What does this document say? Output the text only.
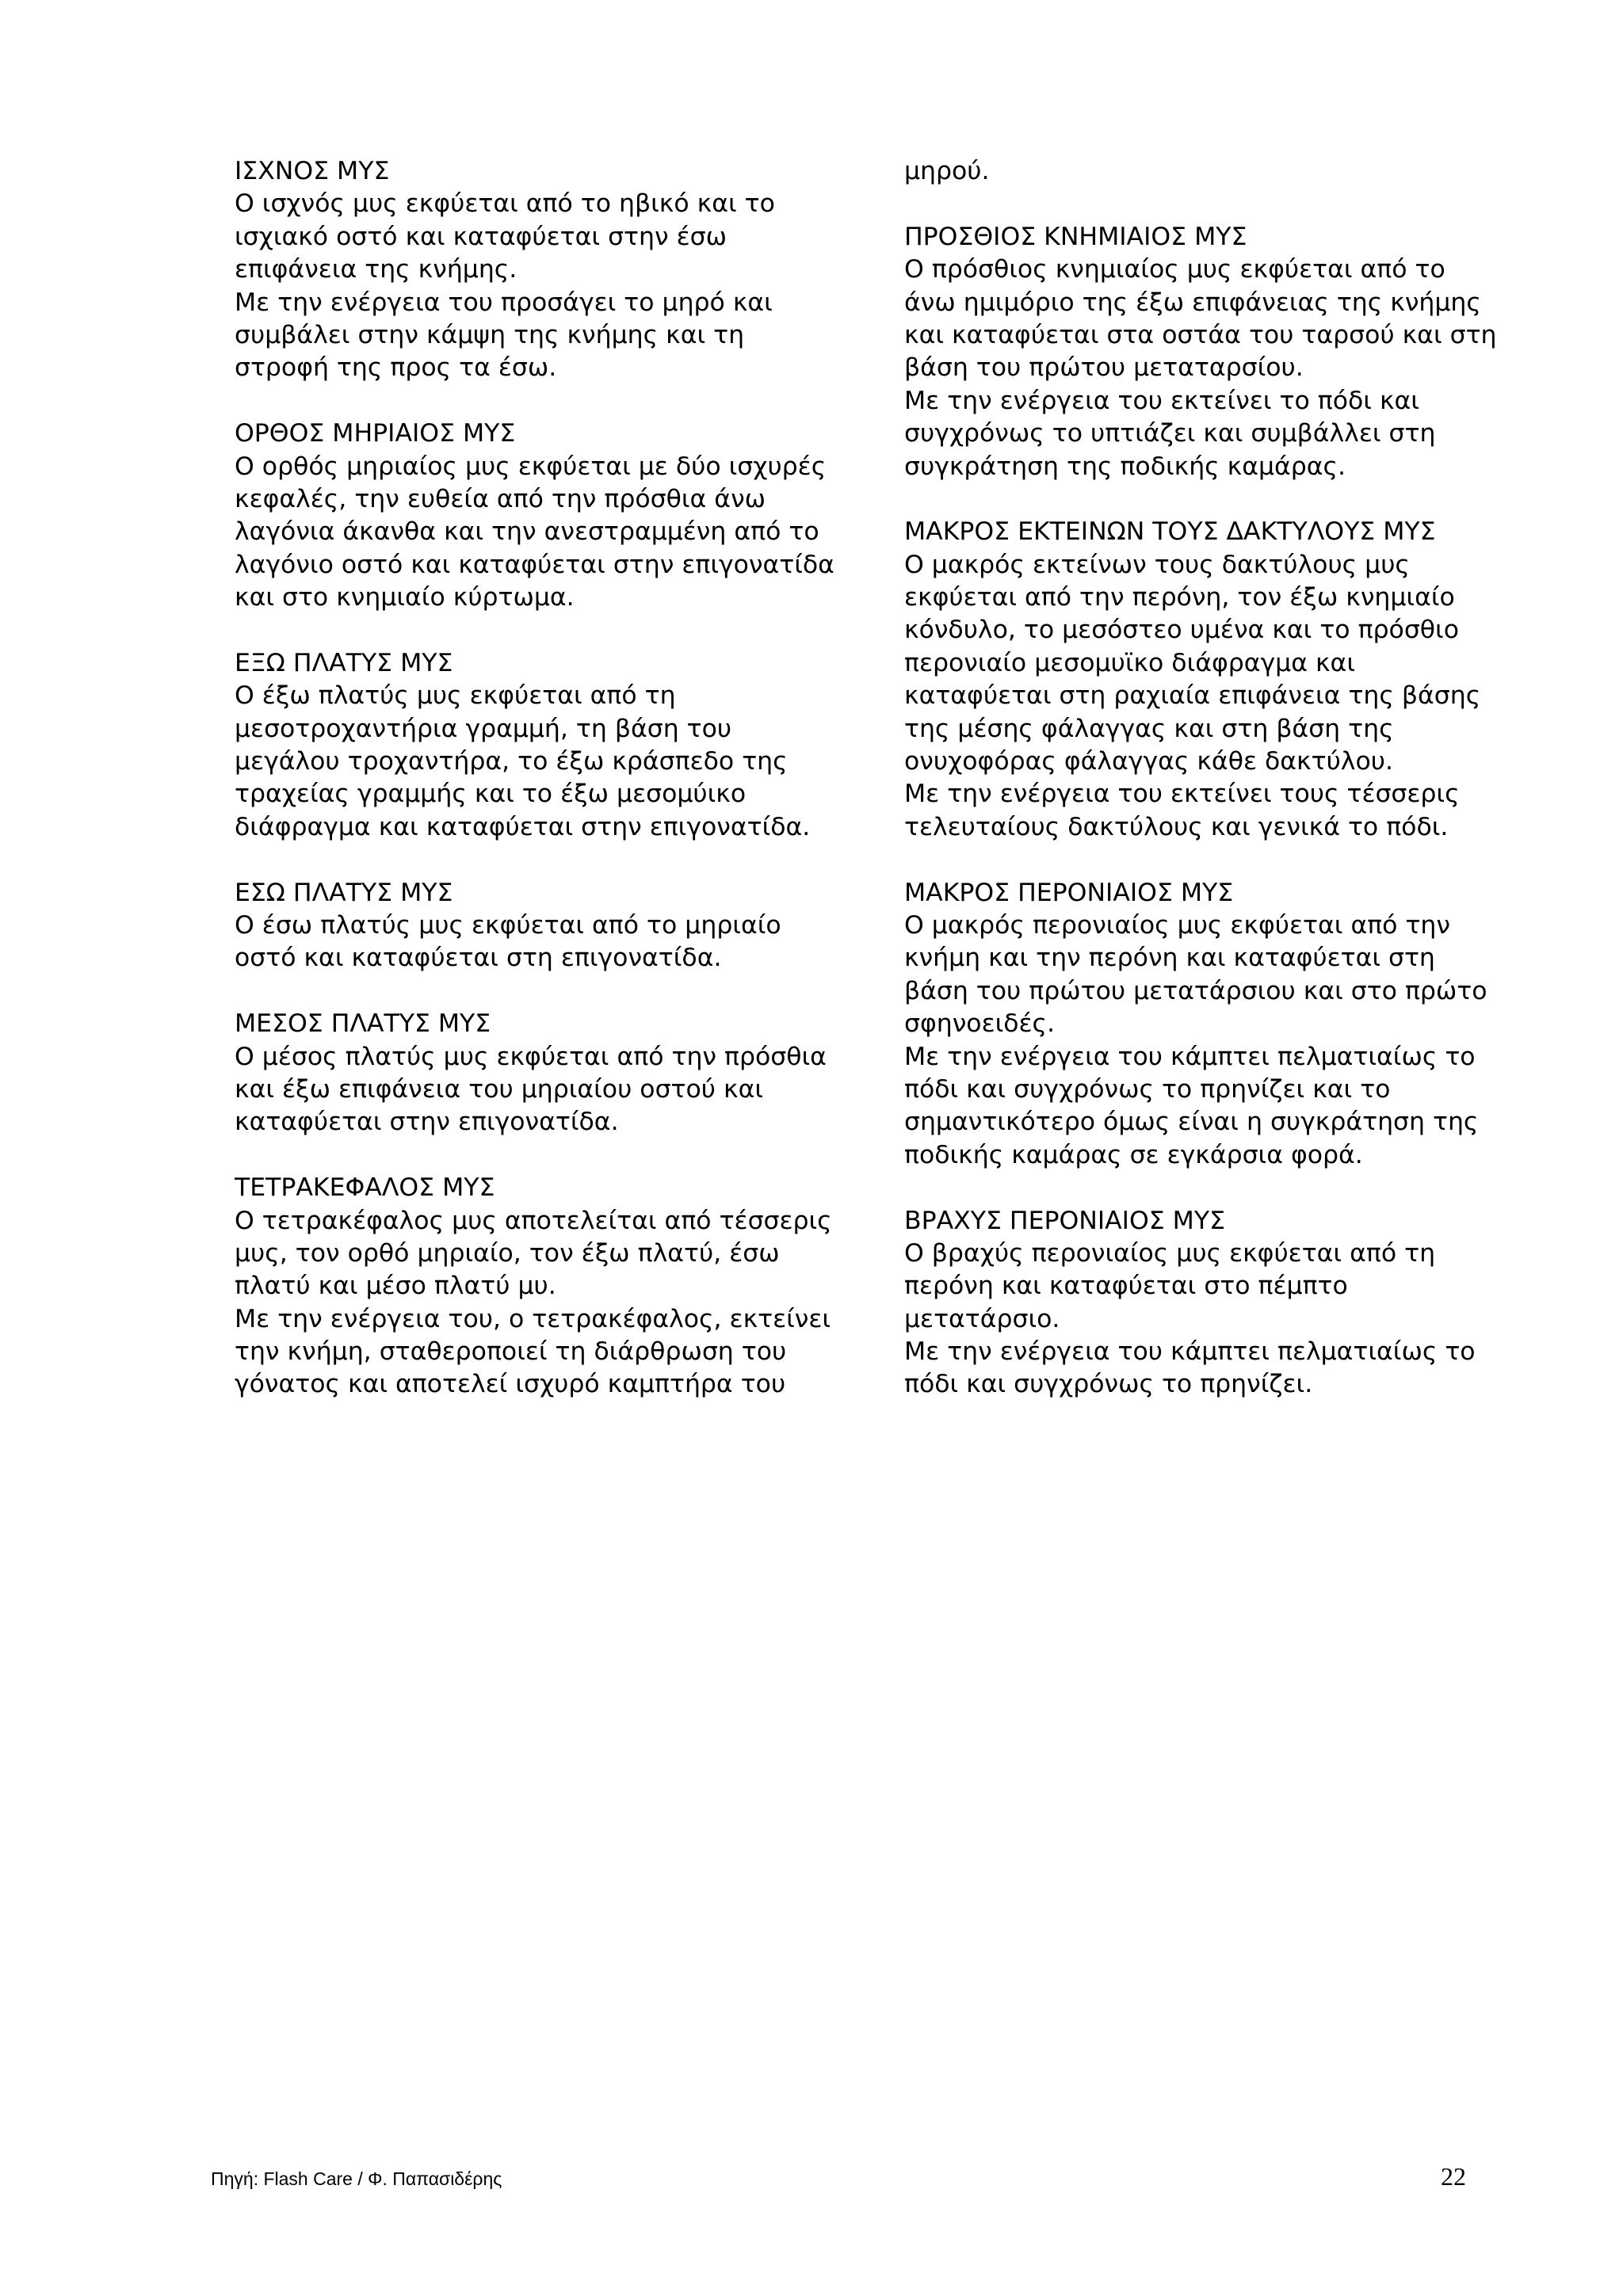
ΙΣΧΝΟΣ ΜΥΣ
Ο ισχνός μυς εκφύεται από το ηβικό και το
ισχιακό οστό και καταφύεται στην έσω
επιφάνεια της κνήμης.
Με την ενέργεια του προσάγει το μηρό και
συμβάλει στην κάμψη της κνήμης και τη
στροφή της προς τα έσω.
ΟΡΘΟΣ ΜΗΡΙΑΙΟΣ ΜΥΣ
Ο ορθός μηριαίος μυς εκφύεται με δύο ισχυρές
κεφαλές, την ευθεία από την πρόσθια άνω
λαγόνια άκανθα και την ανεστραμμένη από το
λαγόνιο οστό και καταφύεται στην επιγονατίδα
και στο κνημιαίο κύρτωμα.
ΕΞΩ ΠΛΑΤΥΣ ΜΥΣ
Ο έξω πλατύς μυς εκφύεται από τη
μεσοτροχαντήρια γραμμή, τη βάση του
μεγάλου τροχαντήρα, το έξω κράσπεδο της
τραχείας γραμμής και το έξω μεσομύικο
διάφραγμα και καταφύεται στην επιγονατίδα.
ΕΣΩ ΠΛΑΤΥΣ ΜΥΣ
Ο έσω πλατύς μυς εκφύεται από το μηριαίο
οστό και καταφύεται στη επιγονατίδα.
ΜΕΣΟΣ ΠΛΑΤΥΣ ΜΥΣ
Ο μέσος πλατύς μυς εκφύεται από την πρόσθια
και έξω επιφάνεια του μηριαίου οστού και
καταφύεται στην επιγονατίδα.
ΤΕΤΡΑΚΕΦΑΛΟΣ ΜΥΣ
Ο τετρακέφαλος μυς αποτελείται από τέσσερις
μυς, τον ορθό μηριαίο, τον έξω πλατύ, έσω
πλατύ και μέσο πλατύ μυ.
Με την ενέργεια του, ο τετρακέφαλος, εκτείνει
την κνήμη, σταθεροποιεί τη διάρθρωση του
γόνατος και αποτελεί ισχυρό καμπτήρα του
μηρού.
ΠΡΟΣΘΙΟΣ ΚΝΗΜΙΑΙΟΣ ΜΥΣ
Ο πρόσθιος κνημιαίος μυς εκφύεται από το
άνω ημιμόριο της έξω επιφάνειας της κνήμης
και καταφύεται στα οστάα του ταρσού και στη
βάση του πρώτου μεταταρσίου.
Με την ενέργεια του εκτείνει το πόδι και
συγχρόνως το υπτιάζει και συμβάλλει στη
συγκράτηση της ποδικής καμάρας.
ΜΑΚΡΟΣ ΕΚΤΕΙΝΩΝ ΤΟΥΣ ΔΑΚΤΥΛΟΥΣ ΜΥΣ
Ο μακρός εκτείνων τους δακτύλους μυς
εκφύεται από την περόνη, τον έξω κνημιαίο
κόνδυλο, το μεσόστεο υμένα και το πρόσθιο
περονιαίο μεσομυϊκο διάφραγμα και
καταφύεται στη ραχιαία επιφάνεια της βάσης
της μέσης φάλαγγας και στη βάση της
ονυχοφόρας φάλαγγας κάθε δακτύλου.
Με την ενέργεια του εκτείνει τους τέσσερις
τελευταίους δακτύλους και γενικά το πόδι.
ΜΑΚΡΟΣ ΠΕΡΟΝΙΑΙΟΣ ΜΥΣ
Ο μακρός περονιαίος μυς εκφύεται από την
κνήμη και την περόνη και καταφύεται στη
βάση του πρώτου μετατάρσιου και στο πρώτο
σφηνοειδές.
Με την ενέργεια του κάμπτει πελματιαίως το
πόδι και συγχρόνως το πρηνίζει και το
σημαντικότερο όμως είναι η συγκράτηση της
ποδικής καμάρας σε εγκάρσια φορά.
ΒΡΑΧΥΣ ΠΕΡΟΝΙΑΙΟΣ ΜΥΣ
Ο βραχύς περονιαίος μυς εκφύεται από τη
περόνη και καταφύεται στο πέμπτο
μετατάρσιο.
Με την ενέργεια του κάμπτει πελματιαίως το
πόδι και συγχρόνως το πρηνίζει.
Πηγή: Flash Care / Φ. Παπασιδέρης	22
